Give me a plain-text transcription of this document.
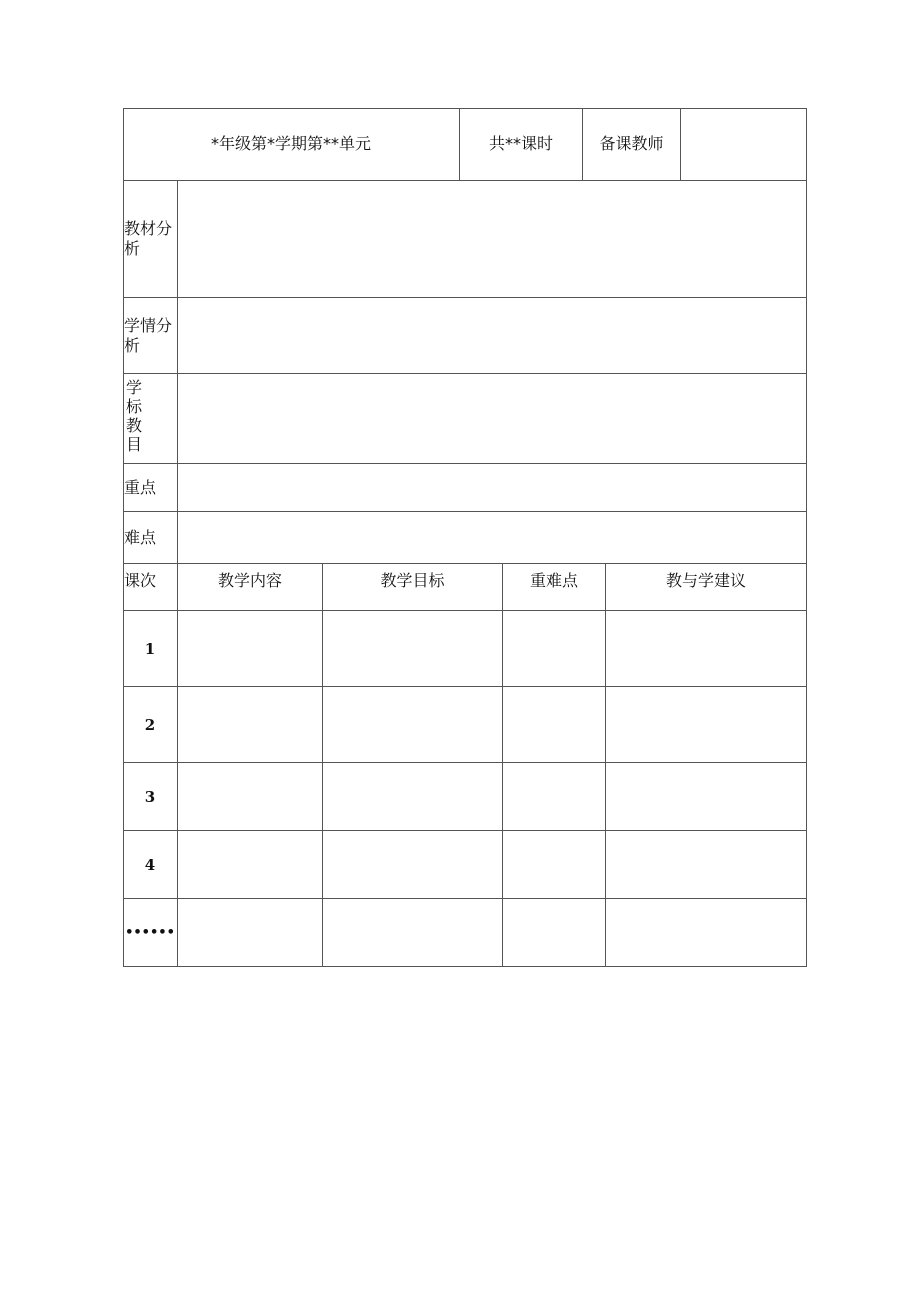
*年级第*学期第**单元	共**课时	备课教师
教材分析
学情分析
学
标
教
目
重点
难点
课次	教学内容	教学目标	重难点	教与学建议
1
2
3
4
••••••
